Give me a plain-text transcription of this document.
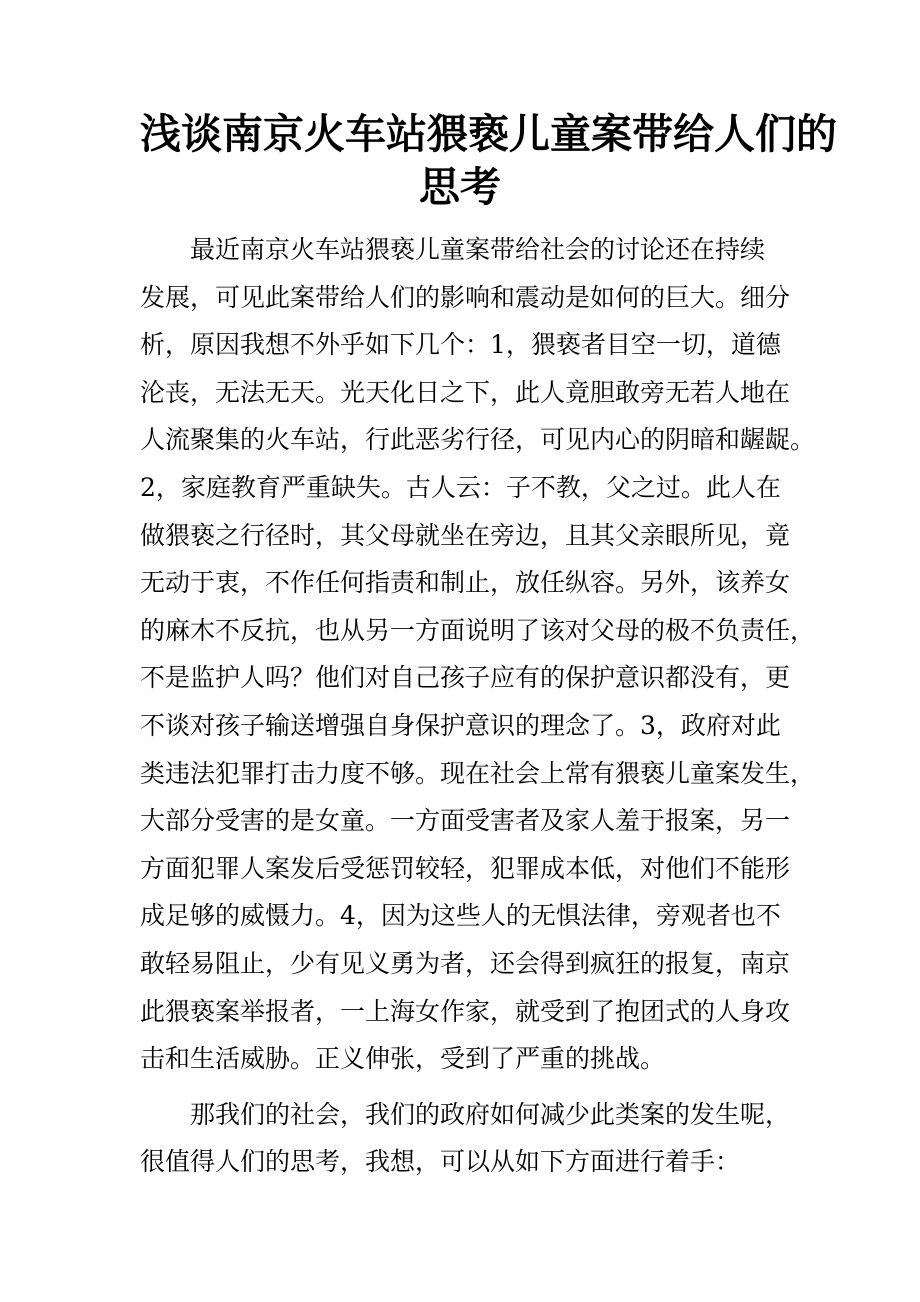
浅谈南京火车站猥亵儿童案带给人们的
思考
最近南京火车站猥亵儿童案带给社会的讨论还在持续
发展，可见此案带给人们的影响和震动是如何的巨大。细分
析，原因我想不外乎如下几个：1，猥亵者目空一切，道德
沦丧，无法无天。光天化日之下，此人竟胆敢旁无若人地在
人流聚集的火车站，行此恶劣行径，可见内心的阴暗和龌龊。
2，家庭教育严重缺失。古人云：子不教，父之过。此人在
做猥亵之行径时，其父母就坐在旁边，且其父亲眼所见，竟
无动于衷，不作任何指责和制止，放任纵容。另外，该养女
的麻木不反抗，也从另一方面说明了该对父母的极不负责任，
不是监护人吗？他们对自己孩子应有的保护意识都没有，更
不谈对孩子输送增强自身保护意识的理念了。3，政府对此
类违法犯罪打击力度不够。现在社会上常有猥亵儿童案发生，
大部分受害的是女童。一方面受害者及家人羞于报案，另一
方面犯罪人案发后受惩罚较轻，犯罪成本低，对他们不能形
成足够的威慑力。4，因为这些人的无惧法律，旁观者也不
敢轻易阻止，少有见义勇为者，还会得到疯狂的报复，南京
此猥亵案举报者，一上海女作家，就受到了抱团式的人身攻
击和生活威胁。正义伸张，受到了严重的挑战。
那我们的社会，我们的政府如何减少此类案的发生呢，
很值得人们的思考，我想，可以从如下方面进行着手：
